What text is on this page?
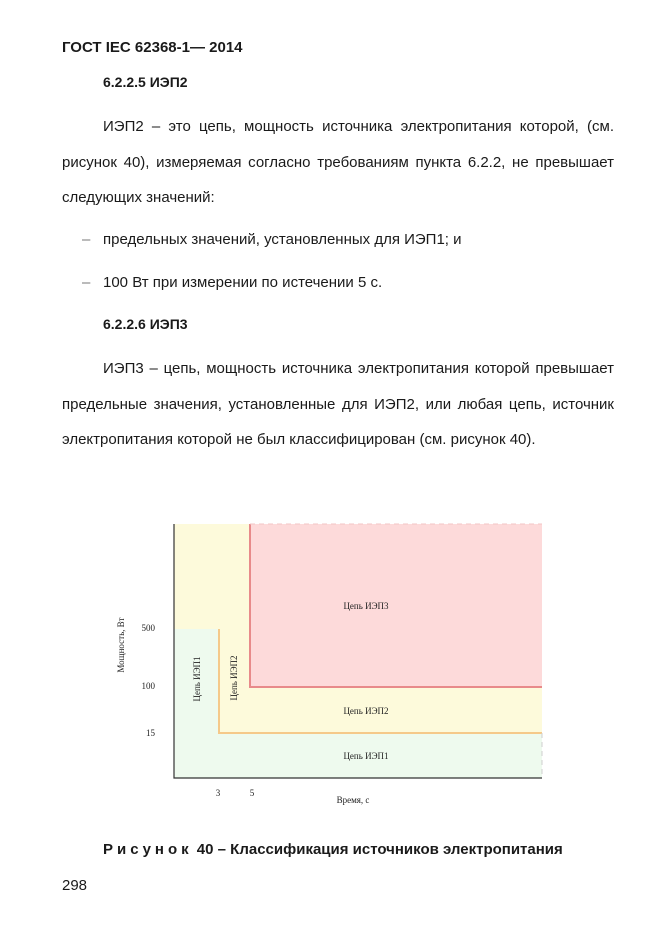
ГОСТ IEC 62368-1— 2014
6.2.2.5 ИЭП2

ИЭП2 – это цепь, мощность источника электропитания которой, (см. рисунок 40), измеряемая согласно требованиям пункта 6.2.2, не превышает следующих значений:

– предельных значений, установленных для ИЭП1; и
– 100 Вт при измерении по истечении 5 с.
6.2.2.6 ИЭП3

ИЭП3 – цепь, мощность источника электропитания которой превышает предельные значения, установленные для ИЭП2, или любая цепь, источник электропитания которой не был классифицирован (см. рисунок 40).

500
100
15
3	5
Время, с
Мощность, Вт
Цепь ИЭП3
Цепь ИЭП2
Цепь ИЭП1
Цепь ИЭП1	Цепь ИЭП2
Рисунок 40 – Классификация источников электропитания
298
